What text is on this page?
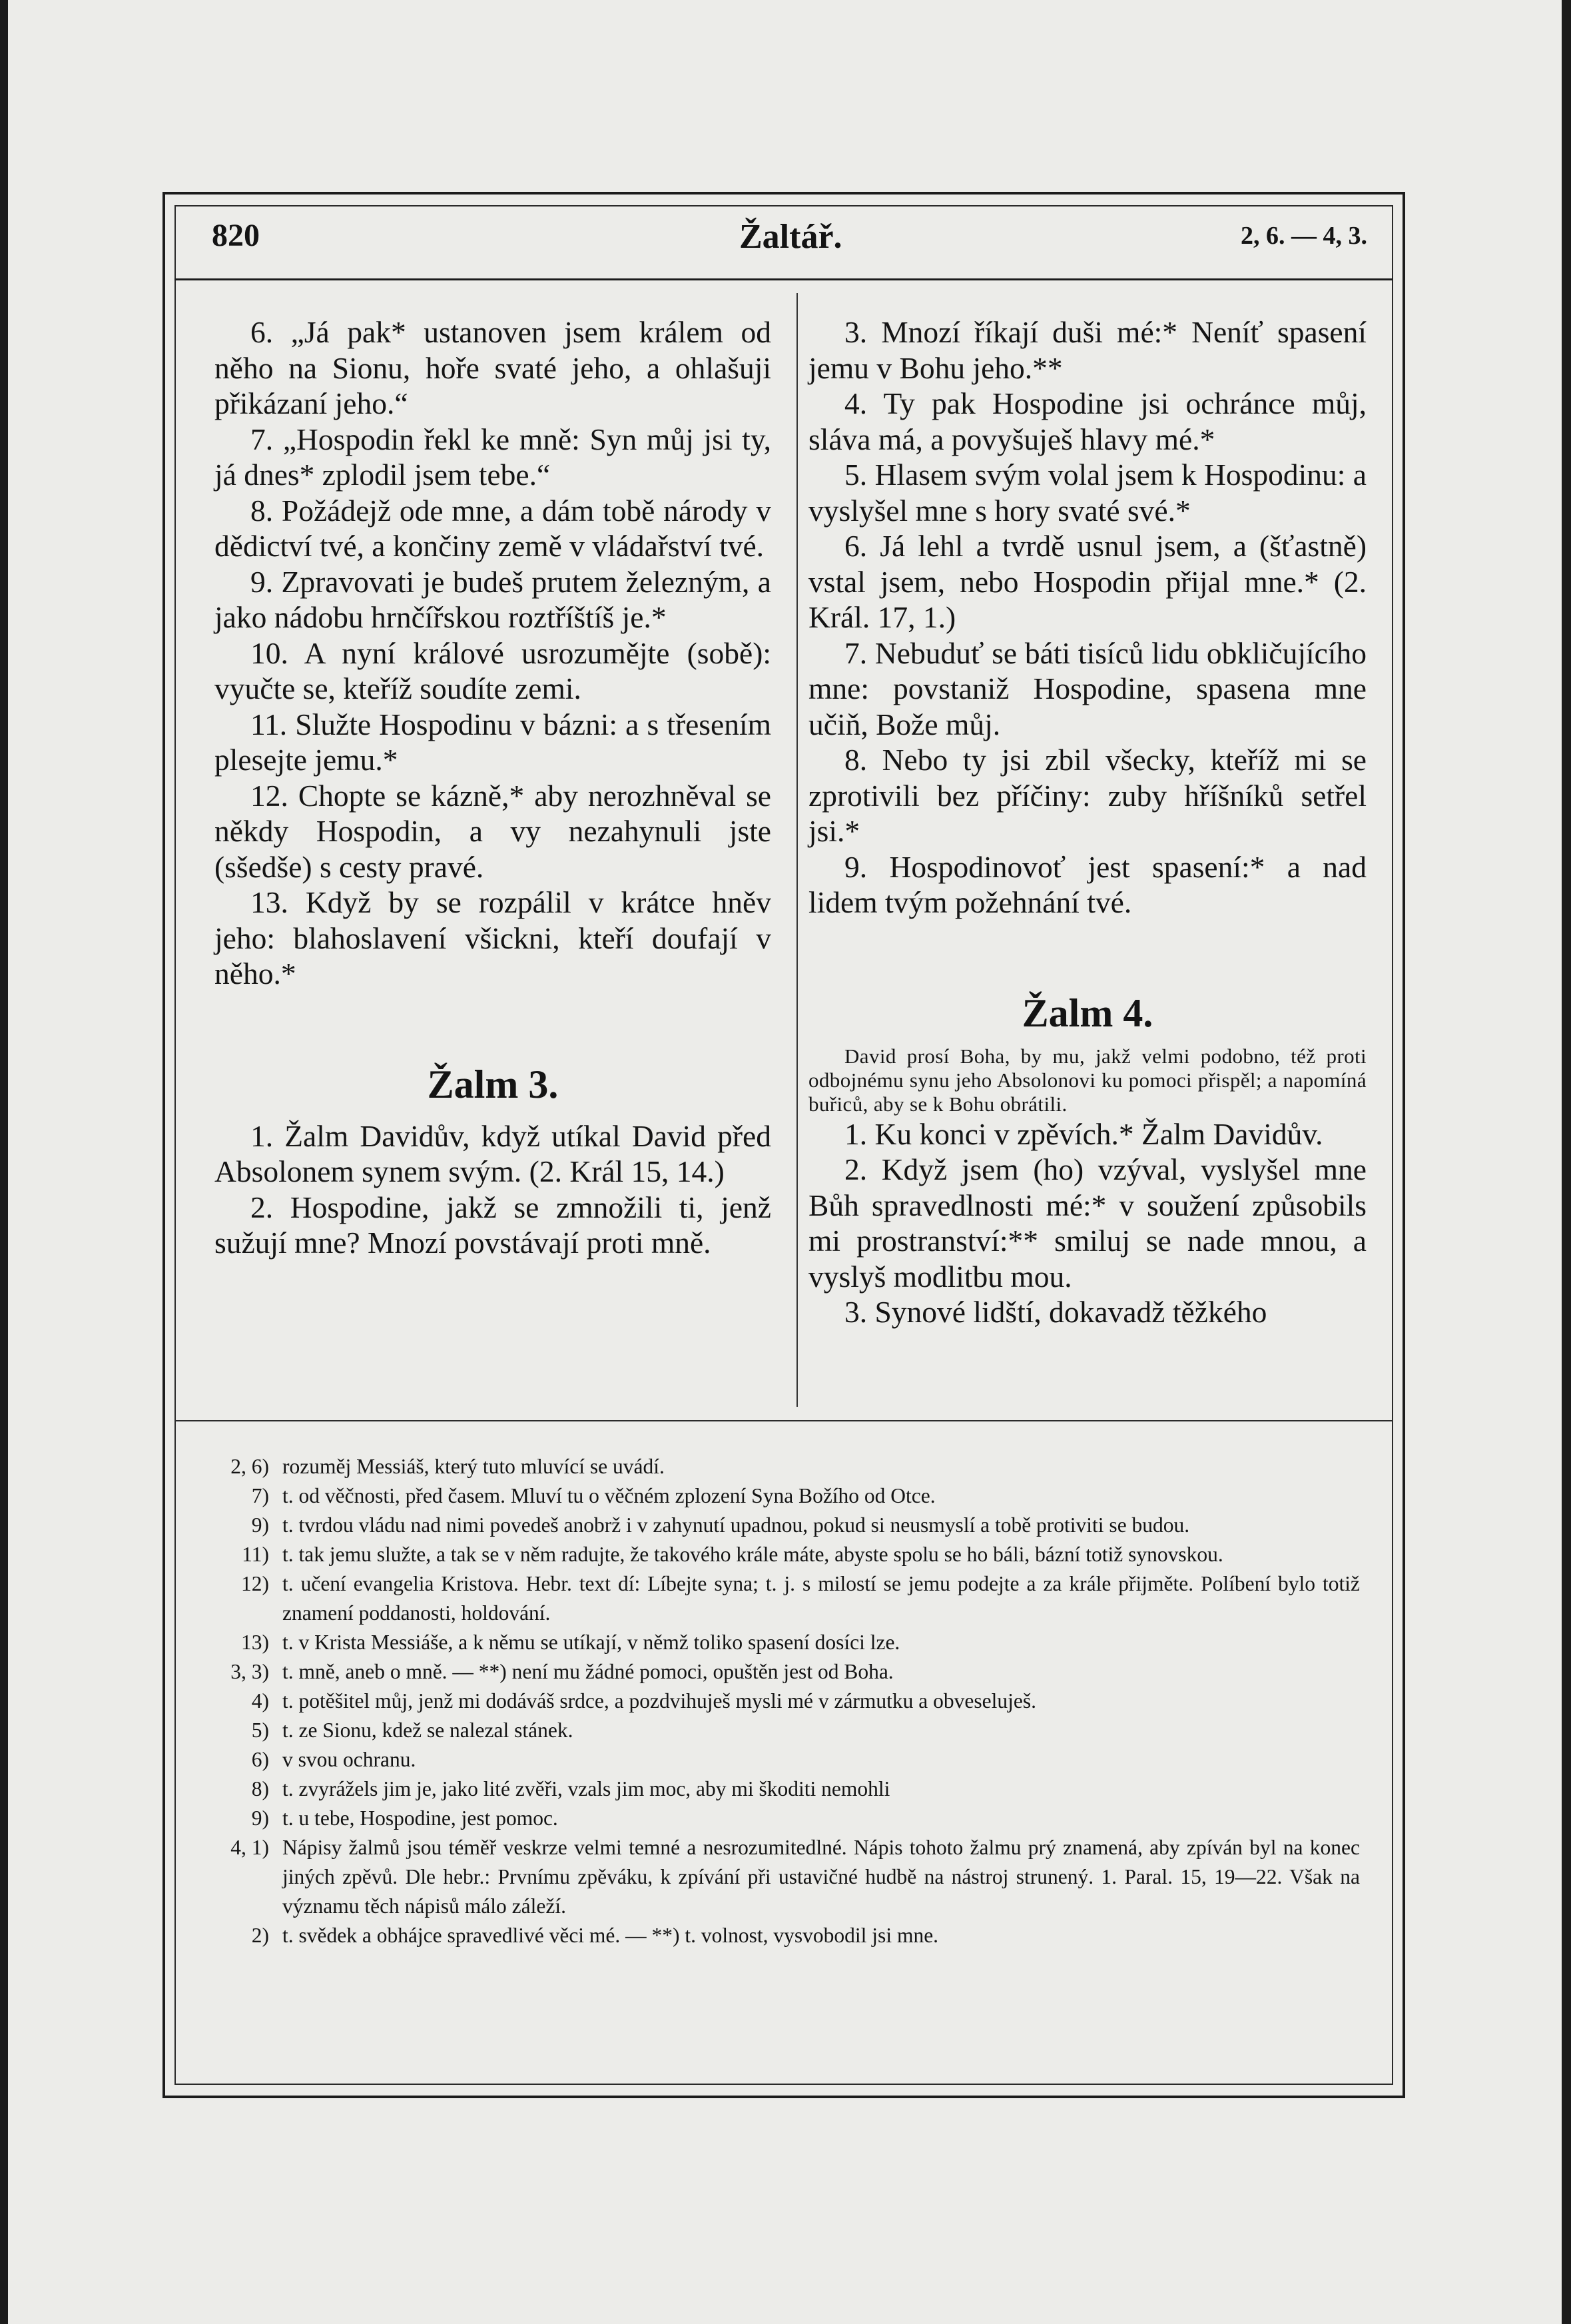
820	Žaltář.	2, 6. — 4, 3.

6. „Já pak* ustanoven jsem králem od něho na Sionu, hoře svaté jeho, a ohlašuji přikázaní jeho.“

7. „Hospodin řekl ke mně: Syn můj jsi ty, já dnes* zplodil jsem tebe.“

8. Požádejž ode mne, a dám tobě národy v dědictví tvé, a končiny země v vládařství tvé.

9. Zpravovati je budeš prutem železným, a jako nádobu hrnčířskou roztříštíš je.*

10. A nyní králové usrozumějte (sobě): vyučte se, kteříž soudíte zemi.

11. Služte Hospodinu v bázni: a s třesením plesejte jemu.*

12. Chopte se kázně,* aby nerozhněval se někdy Hospodin, a vy nezahynuli jste (sšedše) s cesty pravé.

13. Když by se rozpálil v krátce hněv jeho: blahoslavení všickni, kteří doufají v něho.*

Žalm 3.

1. Žalm Davidův, když utíkal David před Absolonem synem svým. (2. Král 15, 14.)

2. Hospodine, jakž se zmnožili ti, jenž sužují mne? Mnozí povstávají proti mně.

3. Mnozí říkají duši mé:* Neníť spasení jemu v Bohu jeho.**

4. Ty pak Hospodine jsi ochránce můj, sláva má, a povyšuješ hlavy mé.*

5. Hlasem svým volal jsem k Hospodinu: a vyslyšel mne s hory svaté své.*

6. Já lehl a tvrdě usnul jsem, a (šťastně) vstal jsem, nebo Hospodin přijal mne.* (2. Král. 17, 1.)

7. Nebuduť se báti tisíců lidu obkličujícího mne: povstaniž Hospodine, spasena mne učiň, Bože můj.

8. Nebo ty jsi zbil všecky, kteříž mi se zprotivili bez příčiny: zuby hříšníků setřel jsi.*

9. Hospodinovoť jest spasení:* a nad lidem tvým požehnání tvé.

Žalm 4.

David prosí Boha, by mu, jakž velmi podobno, též proti odbojnému synu jeho Absolonovi ku pomoci přispěl; a napomíná buřiců, aby se k Bohu obrátili.

1. Ku konci v zpěvích.* Žalm Davidův.

2. Když jsem (ho) vzýval, vyslyšel mne Bůh spravedlnosti mé:* v soužení způsobils mi prostranství:** smiluj se nade mnou, a vyslyš modlitbu mou.

3. Synové lidští, dokavadž těžkého

2, 6) rozuměj Messiáš, který tuto mluvící se uvádí.
7) t. od věčnosti, před časem. Mluví tu o věčném zplození Syna Božího od Otce.
9) t. tvrdou vládu nad nimi povedeš anobrž i v zahynutí upadnou, pokud si neusmyslí a tobě protiviti se budou.
11) t. tak jemu služte, a tak se v něm radujte, že takového krále máte, abyste spolu se ho báli, bázní totiž synovskou.
12) t. učení evangelia Kristova. Hebr. text dí: Líbejte syna; t. j. s milostí se jemu podejte a za krále přijměte. Políbení bylo totiž znamení poddanosti, holdování.
13) t. v Krista Messiáše, a k němu se utíkají, v němž toliko spasení dosíci lze.
3, 3) t. mně, aneb o mně. — **) není mu žádné pomoci, opuštěn jest od Boha.
4) t. potěšitel můj, jenž mi dodáváš srdce, a pozdvihuješ mysli mé v zármutku a obveseluješ.
5) t. ze Sionu, kdež se nalezal stánek.
6) v svou ochranu.
8) t. zvyrážels jim je, jako lité zvěři, vzals jim moc, aby mi škoditi nemohli
9) t. u tebe, Hospodine, jest pomoc.
4, 1) Nápisy žalmů jsou téměř veskrze velmi temné a nesrozumitedlné. Nápis tohoto žalmu prý znamená, aby zpíván byl na konec jiných zpěvů. Dle hebr.: Prvnímu zpěváku, k zpívání při ustavičné hudbě na nástroj strunený. 1. Paral. 15, 19—22. Však na významu těch nápisů málo záleží.
2) t. svědek a obhájce spravedlivé věci mé. — **) t. volnost, vysvobodil jsi mne.
